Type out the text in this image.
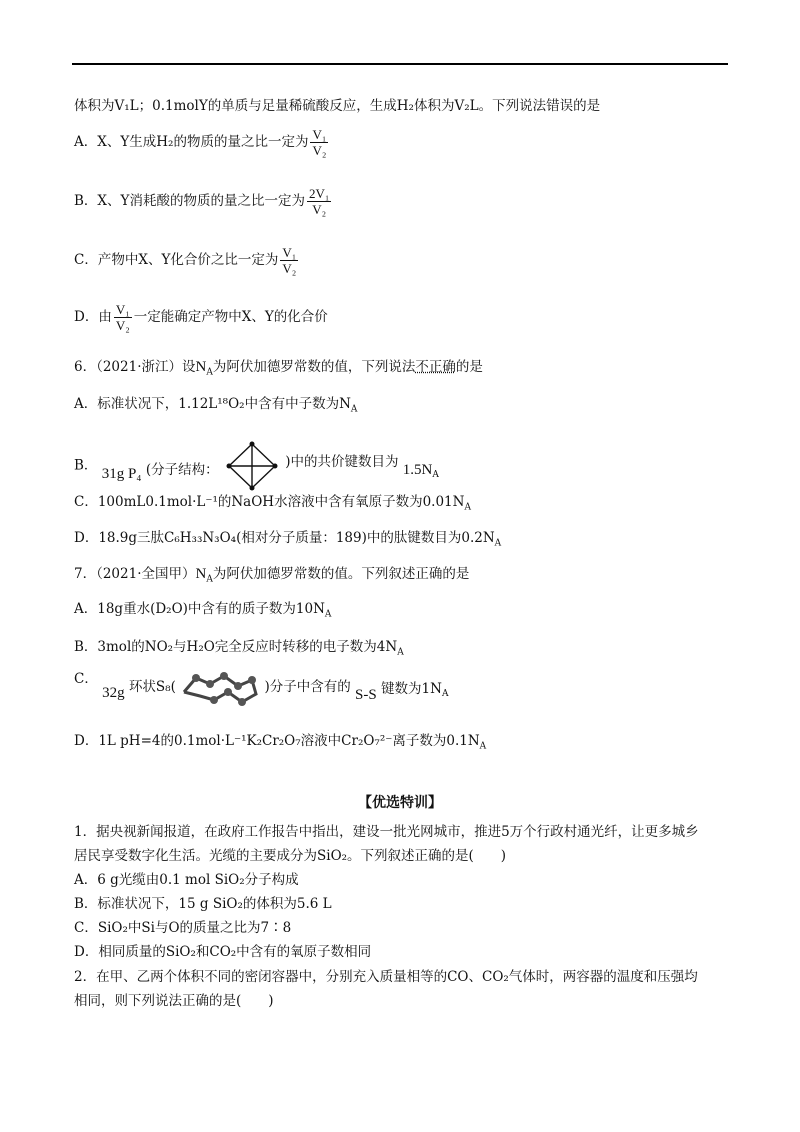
体积为V₁L；0.1molY的单质与足量稀硫酸反应，生成H₂体积为V₂L。下列说法错误的是
A．X、Y生成H₂的物质的量之比一定为 $\frac{\text{V₁}}{\text{V₂}}$
B．X、Y消耗酸的物质的量之比一定为 $\frac{\text{2V₁}}{\text{V₂}}$
C．产物中X、Y化合价之比一定为 $\frac{\text{V₁}}{\text{V₂}}$
D．由 $\frac{\text{V₁}}{\text{V₂}}$ 一定能确定产物中X、Y的化合价
6．（2021·浙江）设$N_A$为阿伏加德罗常数的值，下列说法不正确的是
A．标准状况下，1.12L¹⁸O₂中含有中子数为$N_A$
B． 31g P₄ (分子结构：	)中的共价键数目为 $1.5N_A$
C．100mL0.1mol·L⁻¹的NaOH水溶液中含有氧原子数为$0.01N_A$
D．18.9g三肽C₆H₃₃N₃O₄(相对分子质量：189)中的肽键数目为$0.2N_A$
7．（2021·全国甲）$N_A$为阿伏加德罗常数的值。下列叙述正确的是
A．18g重水(D₂O)中含有的质子数为$10N_A$
B．3mol的NO₂与H₂O完全反应时转移的电子数为$4N_A$
C． 32g 环状S₈(	)分子中含有的 S-S 键数为$1N_A$
D．1L pH=4的0.1mol·L⁻¹K₂Cr₂O₇溶液中Cr₂O₇²⁻离子数为$0.1N_A$
【优选特训】
1．据央视新闻报道，在政府工作报告中指出，建设一批光网城市，推进5万个行政村通光纤，让更多城乡
居民享受数字化生活。光缆的主要成分为SiO₂。下列叙述正确的是(　　)
A．6 g光缆由0.1 mol SiO₂分子构成
B．标准状况下，15 g SiO₂的体积为5.6 L
C．SiO₂中Si与O的质量之比为7∶8
D．相同质量的SiO₂和CO₂中含有的氧原子数相同
2．在甲、乙两个体积不同的密闭容器中，分别充入质量相等的CO、CO₂气体时，两容器的温度和压强均
相同，则下列说法正确的是(　　)
